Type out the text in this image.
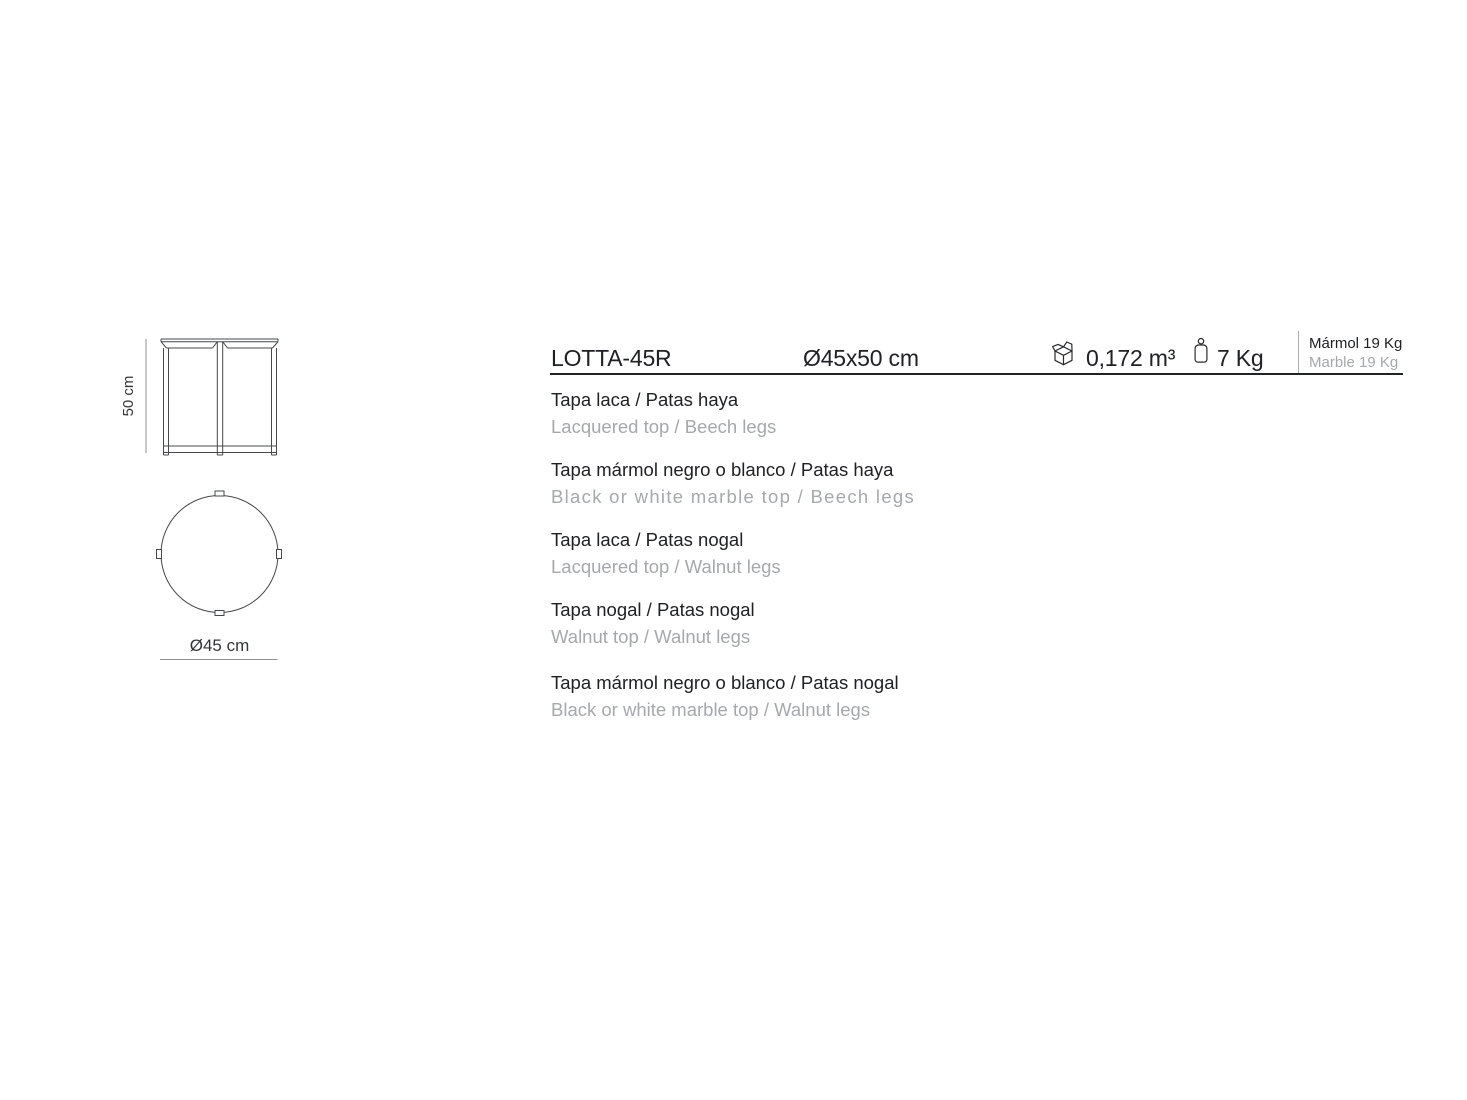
50 cm
Ø45 cm
LOTTA-45R	Ø45x50 cm	0,172 m³ 7 Kg
Mármol 19 Kg
Marble 19 Kg
Tapa laca / Patas haya
Lacquered top / Beech legs
Tapa mármol negro o blanco / Patas haya
Black or white marble top / Beech legs
Tapa laca / Patas nogal
Lacquered top / Walnut legs
Tapa nogal / Patas nogal
Walnut top / Walnut legs
Tapa mármol negro o blanco / Patas nogal
Black or white marble top / Walnut legs
